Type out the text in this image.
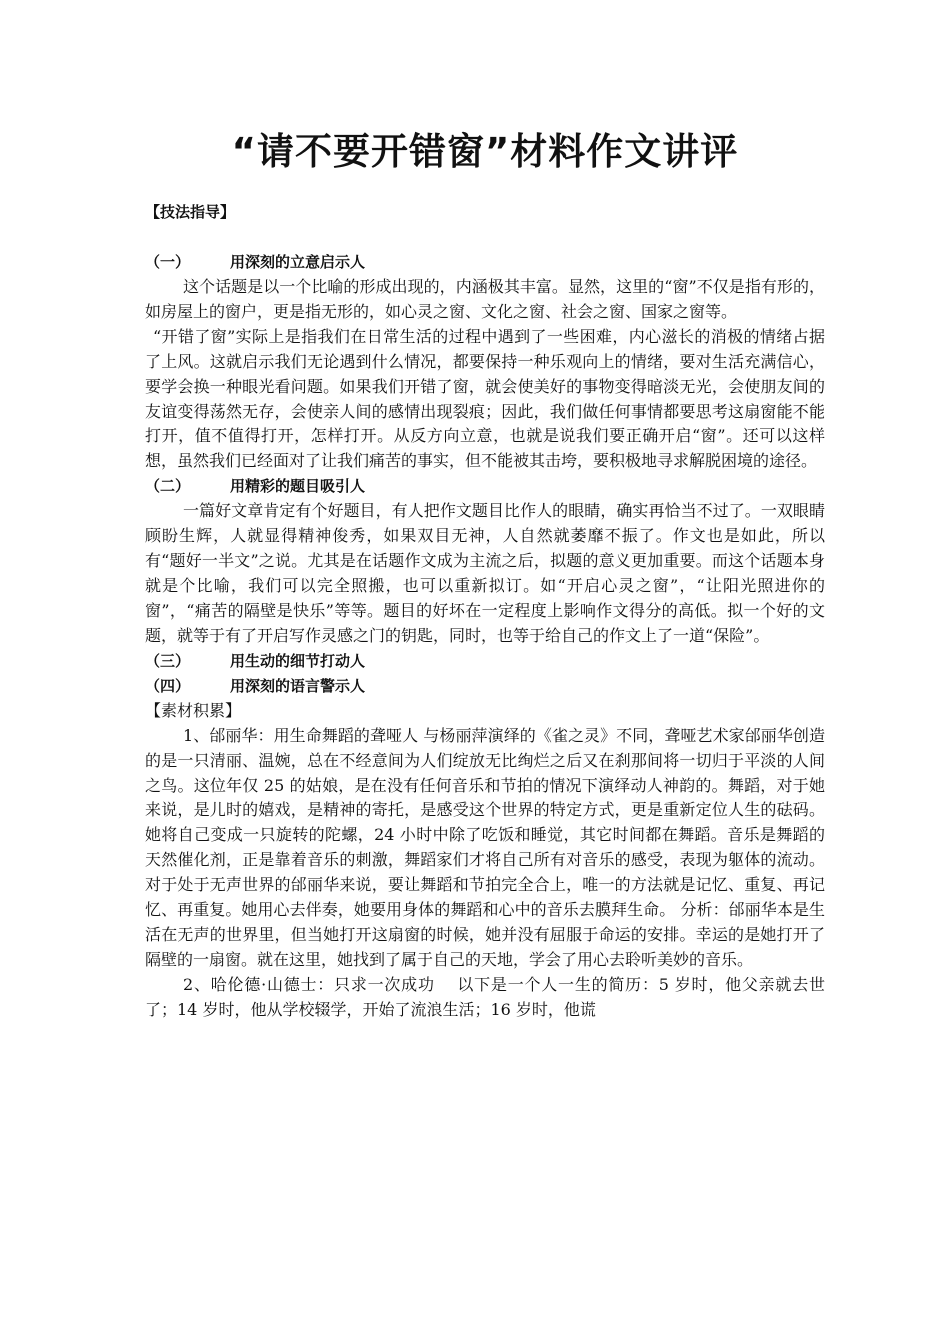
“请不要开错窗”材料作文讲评
【技法指导】
（一）	用深刻的立意启示人

这个话题是以一个比喻的形成出现的，内涵极其丰富。显然，这里的“窗”不仅是指有形的，如房屋上的窗户，更是指无形的，如心灵之窗、文化之窗、社会之窗、国家之窗等。

“开错了窗”实际上是指我们在日常生活的过程中遇到了一些困难，内心滋长的消极的情绪占据了上风。这就启示我们无论遇到什么情况，都要保持一种乐观向上的情绪，要对生活充满信心，要学会换一种眼光看问题。如果我们开错了窗，就会使美好的事物变得暗淡无光，会使朋友间的友谊变得荡然无存，会使亲人间的感情出现裂痕；因此，我们做任何事情都要思考这扇窗能不能打开，值不值得打开，怎样打开。从反方向立意，也就是说我们要正确开启“窗”。还可以这样想，虽然我们已经面对了让我们痛苦的事实，但不能被其击垮，要积极地寻求解脱困境的途径。

（二）	用精彩的题目吸引人

一篇好文章肯定有个好题目，有人把作文题目比作人的眼睛，确实再恰当不过了。一双眼睛顾盼生辉，人就显得精神俊秀，如果双目无神，人自然就萎靡不振了。作文也是如此，所以有“题好一半文”之说。尤其是在话题作文成为主流之后，拟题的意义更加重要。而这个话题本身就是个比喻，我们可以完全照搬，也可以重新拟订。如“开启心灵之窗”，“让阳光照进你的窗”，“痛苦的隔壁是快乐”等等。题目的好坏在一定程度上影响作文得分的高低。拟一个好的文题，就等于有了开启写作灵感之门的钥匙，同时，也等于给自己的作文上了一道“保险”。

（三）	用生动的细节打动人
（四）	用深刻的语言警示人
【素材积累】

1、邰丽华：用生命舞蹈的聋哑人 与杨丽萍演绎的《雀之灵》不同，聋哑艺术家邰丽华创造的是一只清丽、温婉，总在不经意间为人们绽放无比绚烂之后又在刹那间将一切归于平淡的人间之鸟。这位年仅 25 的姑娘，是在没有任何音乐和节拍的情况下演绎动人神韵的。舞蹈，对于她来说，是儿时的嬉戏，是精神的寄托，是感受这个世界的特定方式，更是重新定位人生的砝码。她将自己变成一只旋转的陀螺，24 小时中除了吃饭和睡觉，其它时间都在舞蹈。音乐是舞蹈的天然催化剂，正是靠着音乐的刺激，舞蹈家们才将自己所有对音乐的感受，表现为躯体的流动。对于处于无声世界的邰丽华来说，要让舞蹈和节拍完全合上，唯一的方法就是记忆、重复、再记忆、再重复。她用心去伴奏，她要用身体的舞蹈和心中的音乐去膜拜生命。 分析：邰丽华本是生活在无声的世界里，但当她打开这扇窗的时候，她并没有屈服于命运的安排。幸运的是她打开了隔壁的一扇窗。就在这里，她找到了属于自己的天地，学会了用心去聆听美妙的音乐。

2、哈伦德·山德士：只求一次成功　 以下是一个人一生的简历：5 岁时，他父亲就去世了；14 岁时，他从学校辍学，开始了流浪生活；16 岁时，他谎
